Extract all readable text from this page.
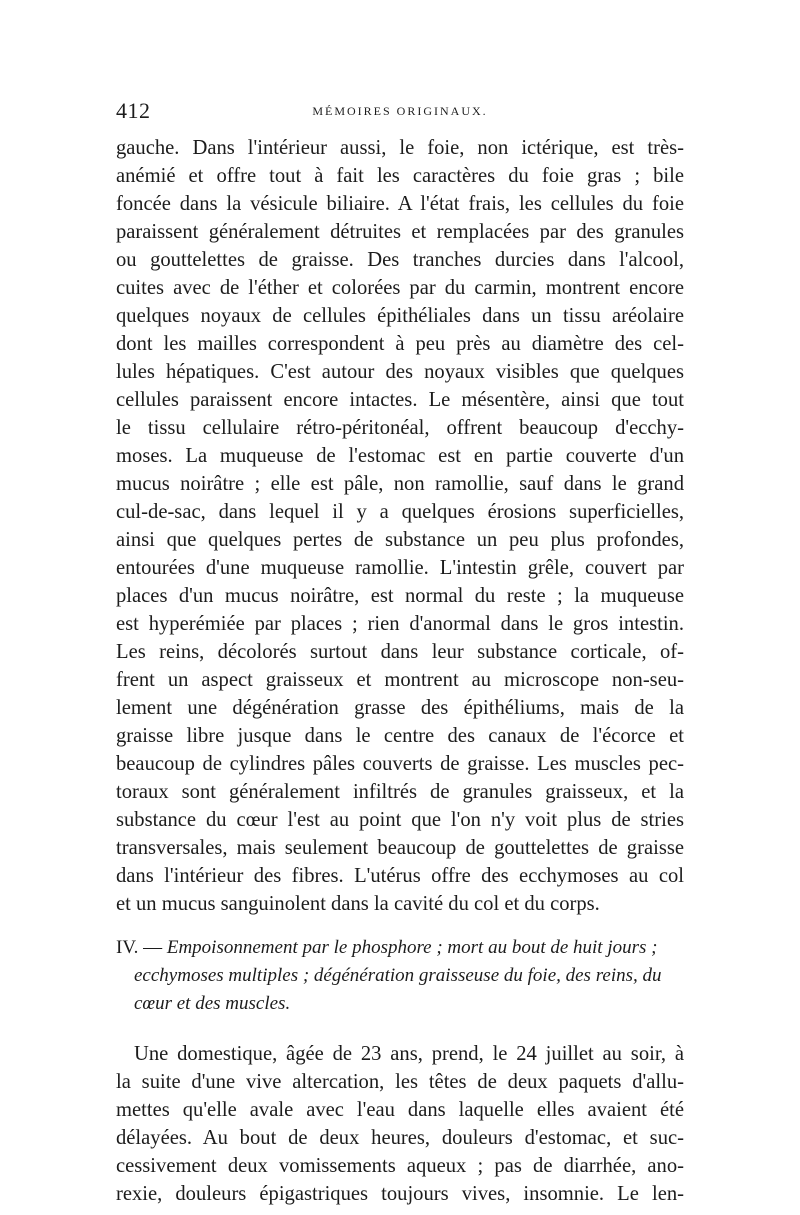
412	MÉMOIRES ORIGINAUX.
gauche. Dans l'intérieur aussi, le foie, non ictérique, est très-
anémié et offre tout à fait les caractères du foie gras ; bile
foncée dans la vésicule biliaire. A l'état frais, les cellules du foie
paraissent généralement détruites et remplacées par des granules
ou gouttelettes de graisse. Des tranches durcies dans l'alcool,
cuites avec de l'éther et colorées par du carmin, montrent encore
quelques noyaux de cellules épithéliales dans un tissu aréolaire
dont les mailles correspondent à peu près au diamètre des cel-
lules hépatiques. C'est autour des noyaux visibles que quelques
cellules paraissent encore intactes. Le mésentère, ainsi que tout
le tissu cellulaire rétro-péritonéal, offrent beaucoup d'ecchy-
moses. La muqueuse de l'estomac est en partie couverte d'un
mucus noirâtre ; elle est pâle, non ramollie, sauf dans le grand
cul-de-sac, dans lequel il y a quelques érosions superficielles,
ainsi que quelques pertes de substance un peu plus profondes,
entourées d'une muqueuse ramollie. L'intestin grêle, couvert par
places d'un mucus noirâtre, est normal du reste ; la muqueuse
est hyperémiée par places ; rien d'anormal dans le gros intestin.
Les reins, décolorés surtout dans leur substance corticale, of-
frent un aspect graisseux et montrent au microscope non-seu-
lement une dégénération grasse des épithéliums, mais de la
graisse libre jusque dans le centre des canaux de l'écorce et
beaucoup de cylindres pâles couverts de graisse. Les muscles pec-
toraux sont généralement infiltrés de granules graisseux, et la
substance du cœur l'est au point que l'on n'y voit plus de stries
transversales, mais seulement beaucoup de gouttelettes de graisse
dans l'intérieur des fibres. L'utérus offre des ecchymoses au col
et un mucus sanguinolent dans la cavité du col et du corps.
IV. — Empoisonnement par le phosphore ; mort au bout de huit jours ;
ecchymoses multiples ; dégénération graisseuse du foie, des reins, du
cœur et des muscles.
Une domestique, âgée de 23 ans, prend, le 24 juillet au soir, à
la suite d'une vive altercation, les têtes de deux paquets d'allu-
mettes qu'elle avale avec l'eau dans laquelle elles avaient été
délayées. Au bout de deux heures, douleurs d'estomac, et suc-
cessivement deux vomissements aqueux ; pas de diarrhée, ano-
rexie, douleurs épigastriques toujours vives, insomnie. Le len-
